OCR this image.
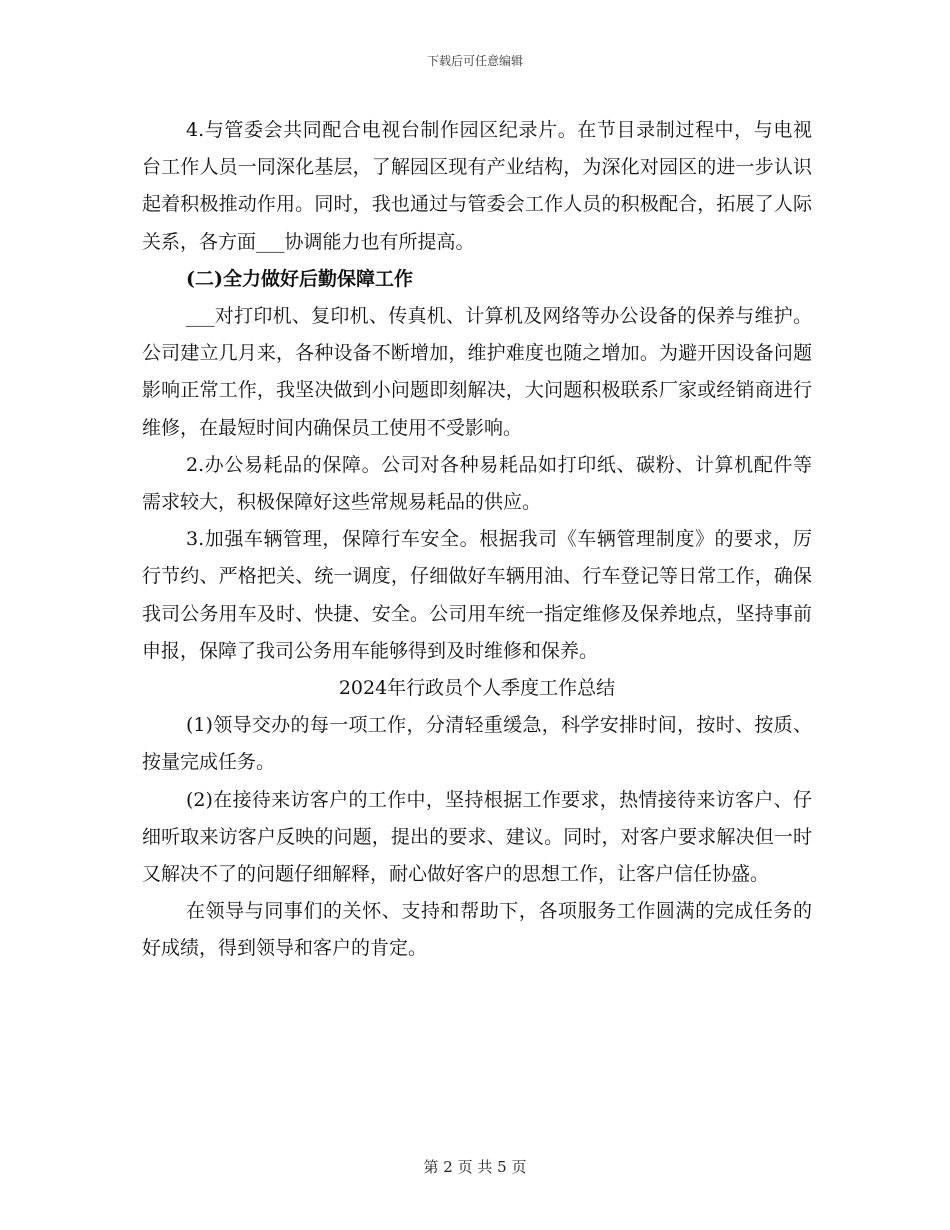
下载后可任意编辑

4.与管委会共同配合电视台制作园区纪录片。在节目录制过程中，与电视台工作人员一同深化基层，了解园区现有产业结构，为深化对园区的进一步认识起着积极推动作用。同时，我也通过与管委会工作人员的积极配合，拓展了人际关系，各方面___协调能力也有所提高。

(二)全力做好后勤保障工作

___对打印机、复印机、传真机、计算机及网络等办公设备的保养与维护。公司建立几月来，各种设备不断增加，维护难度也随之增加。为避开因设备问题影响正常工作，我坚决做到小问题即刻解决，大问题积极联系厂家或经销商进行维修，在最短时间内确保员工使用不受影响。

2.办公易耗品的保障。公司对各种易耗品如打印纸、碳粉、计算机配件等需求较大，积极保障好这些常规易耗品的供应。

3.加强车辆管理，保障行车安全。根据我司《车辆管理制度》的要求，厉行节约、严格把关、统一调度，仔细做好车辆用油、行车登记等日常工作，确保我司公务用车及时、快捷、安全。公司用车统一指定维修及保养地点，坚持事前申报，保障了我司公务用车能够得到及时维修和保养。

2024年行政员个人季度工作总结

(1)领导交办的每一项工作，分清轻重缓急，科学安排时间，按时、按质、按量完成任务。

(2)在接待来访客户的工作中，坚持根据工作要求，热情接待来访客户、仔细听取来访客户反映的问题，提出的要求、建议。同时，对客户要求解决但一时又解决不了的问题仔细解释，耐心做好客户的思想工作，让客户信任协盛。

在领导与同事们的关怀、支持和帮助下，各项服务工作圆满的完成任务的好成绩，得到领导和客户的肯定。

第 2 页 共 5 页
